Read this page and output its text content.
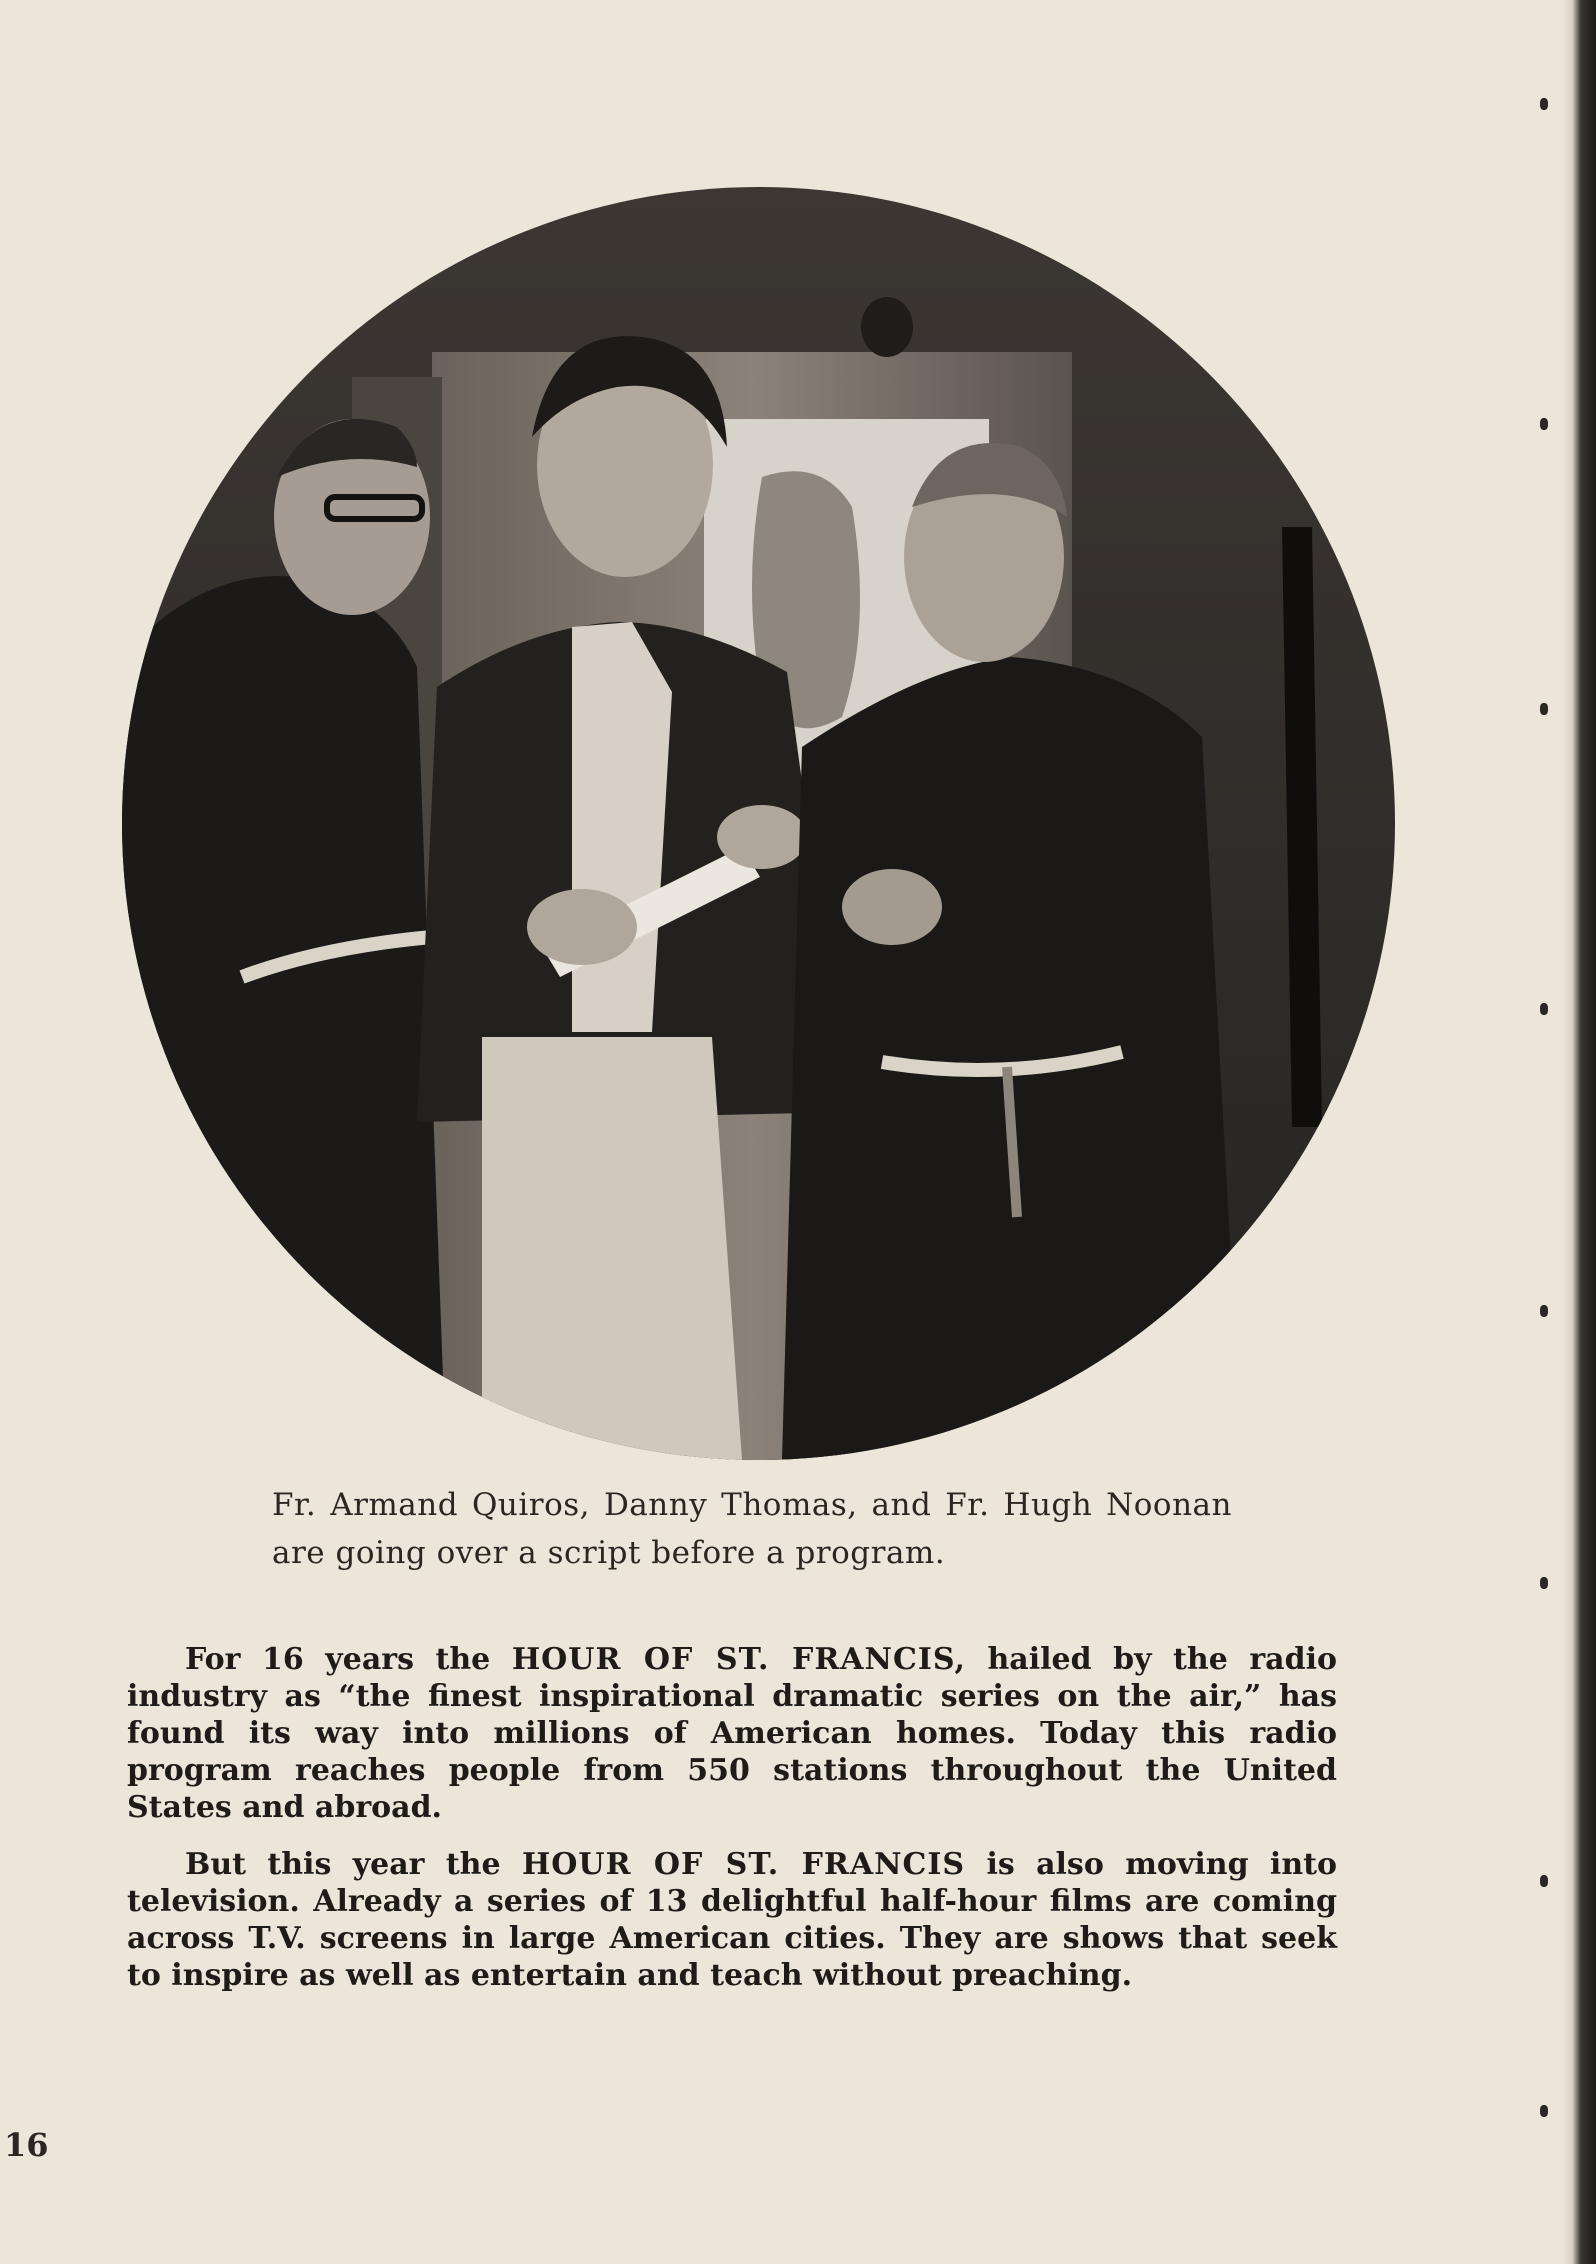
Fr. Armand Quiros, Danny Thomas, and Fr. Hugh Noonan are going over a script before a program.

For 16 years the HOUR OF ST. FRANCIS, hailed by the radio industry as “the finest inspirational dramatic series on the air,” has found its way into millions of American homes. Today this radio program reaches people from 550 stations throughout the United States and abroad.

But this year the HOUR OF ST. FRANCIS is also moving into television. Already a series of 13 delightful half-hour films are coming across T.V. screens in large American cities. They are shows that seek to inspire as well as entertain and teach without preaching.

16
